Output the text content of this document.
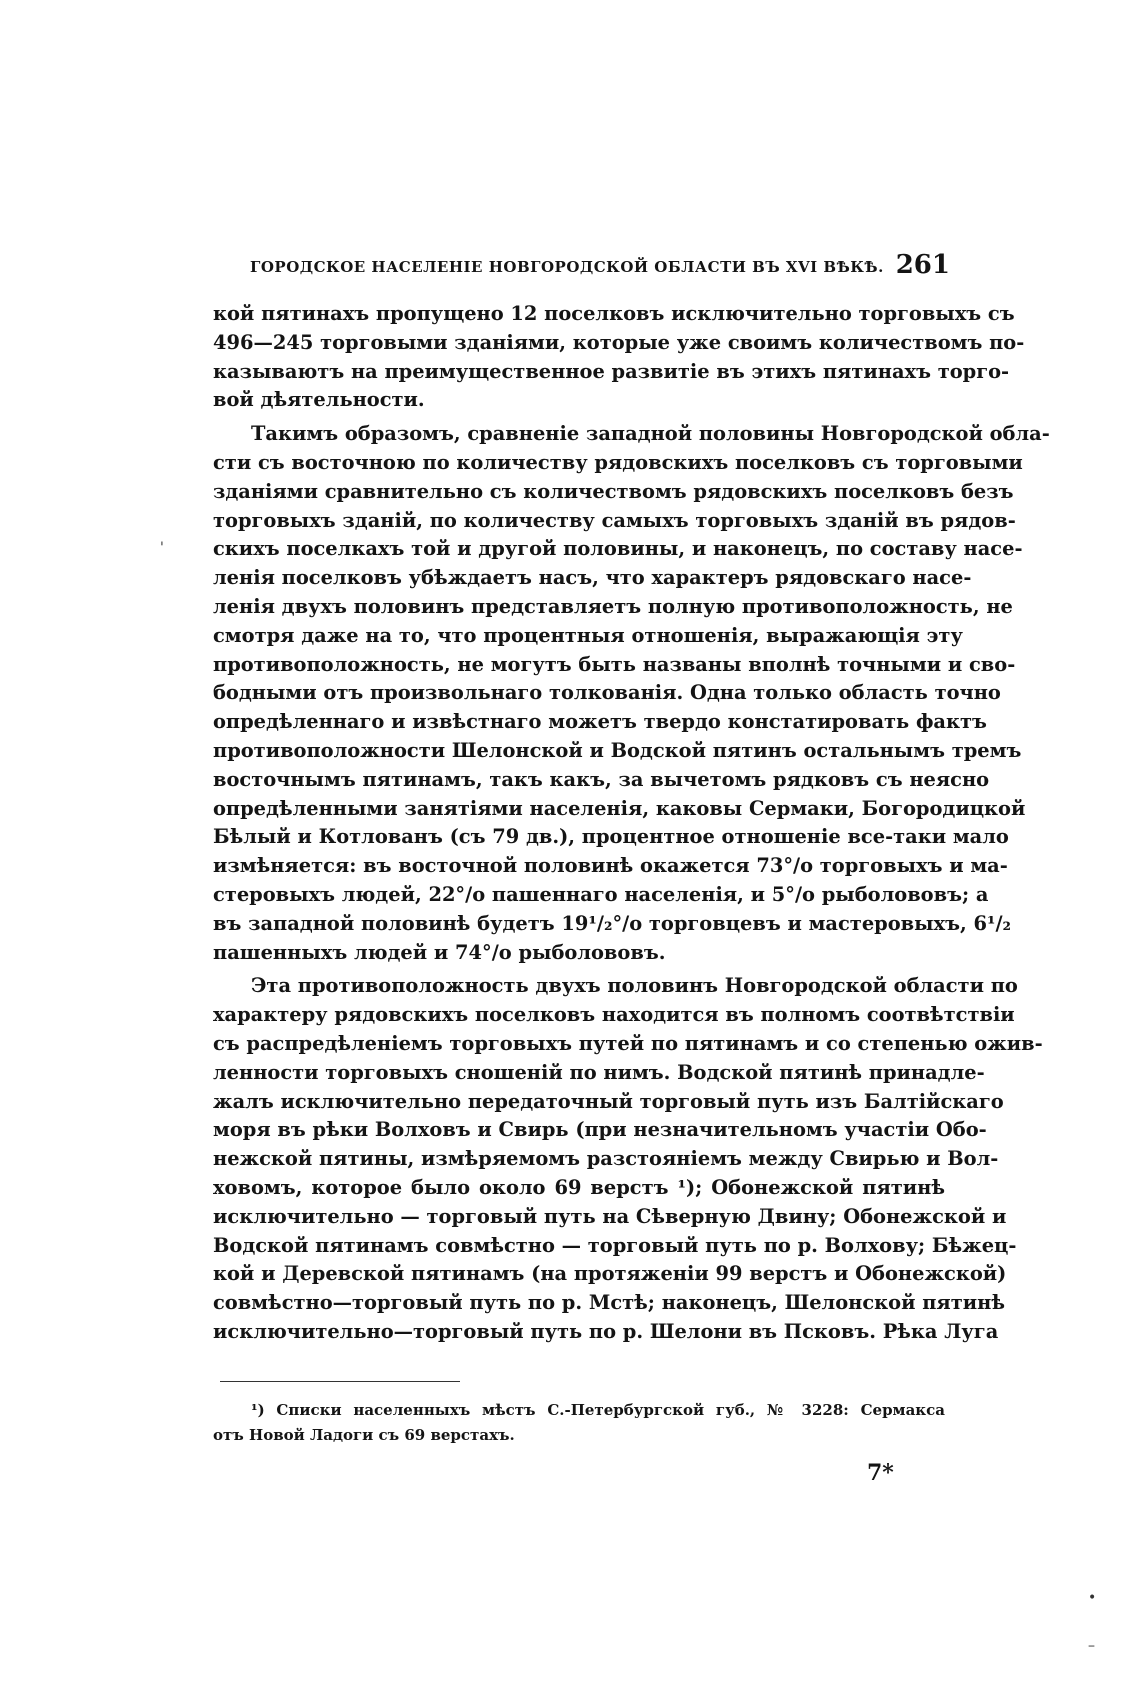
ГОРОДСКОЕ НАСЕЛЕНІЕ НОВГОРОДСКОЙ ОБЛАСТИ ВЪ XVI ВѢКѢ. 261
кой пятинахъ пропущено 12 поселковъ исключительно торговыхъ съ
496—245 торговыми зданіями, которые уже своимъ количествомъ по-
казываютъ на преимущественное развитіе въ этихъ пятинахъ торго-
вой дѣятельности.
Такимъ образомъ, сравненіе западной половины Новгородской обла-
сти съ восточною по количеству рядовскихъ поселковъ съ торговыми
зданіями сравнительно съ количествомъ рядовскихъ поселковъ безъ
торговыхъ зданій, по количеству самыхъ торговыхъ зданій въ рядов-
скихъ поселкахъ той и другой половины, и наконецъ, по составу насе-
ленія поселковъ убѣждаетъ насъ, что характеръ рядовскаго насе-
ленія двухъ половинъ представляетъ полную противоположность, не
смотря даже на то, что процентныя отношенія, выражающія эту
противоположность, не могутъ быть названы вполнѣ точными и сво-
бодными отъ произвольнаго толкованія. Одна только область точно
опредѣленнаго и извѣстнаго можетъ твердо констатировать фактъ
противоположности Шелонской и Водской пятинъ остальнымъ тремъ
восточнымъ пятинамъ, такъ какъ, за вычетомъ рядковъ съ неясно
опредѣленными занятіями населенія, каковы Сермаки, Богородицкой
Бѣлый и Котлованъ (съ 79 дв.), процентное отношеніе все-таки мало
измѣняется: въ восточной половинѣ окажется 73°/о торговыхъ и ма-
стеровыхъ людей, 22°/о пашеннаго населенія, и 5°/о рыболововъ; а
въ западной половинѣ будетъ 19¹/₂°/о торговцевъ и мастеровыхъ, 6¹/₂
пашенныхъ людей и 74°/о рыболововъ.
Эта противоположность двухъ половинъ Новгородской области по
характеру рядовскихъ поселковъ находится въ полномъ соотвѣтствіи
съ распредѣленіемъ торговыхъ путей по пятинамъ и со степенью ожив-
ленности торговыхъ сношеній по нимъ. Водской пятинѣ принадле-
жалъ исключительно передаточный торговый путь изъ Балтійскаго
моря въ рѣки Волховъ и Свирь (при незначительномъ участіи Обо-
нежской пятины, измѣряемомъ разстояніемъ между Свирью и Вол-
ховомъ, которое было около 69 верстъ ¹); Обонежской пятинѣ
исключительно — торговый путь на Сѣверную Двину; Обонежской и
Водской пятинамъ совмѣстно — торговый путь по р. Волхову; Бѣжец-
кой и Деревской пятинамъ (на протяженіи 99 верстъ и Обонежской)
совмѣстно—торговый путь по р. Мстѣ; наконецъ, Шелонской пятинѣ
исключительно—торговый путь по р. Шелони въ Псковъ. Рѣка Луга
¹) Списки населенныхъ мѣстъ С.-Петербургской губ., № 3228: Сермакса
отъ Новой Ладоги съ 69 верстахъ.
7*
'
•
–
